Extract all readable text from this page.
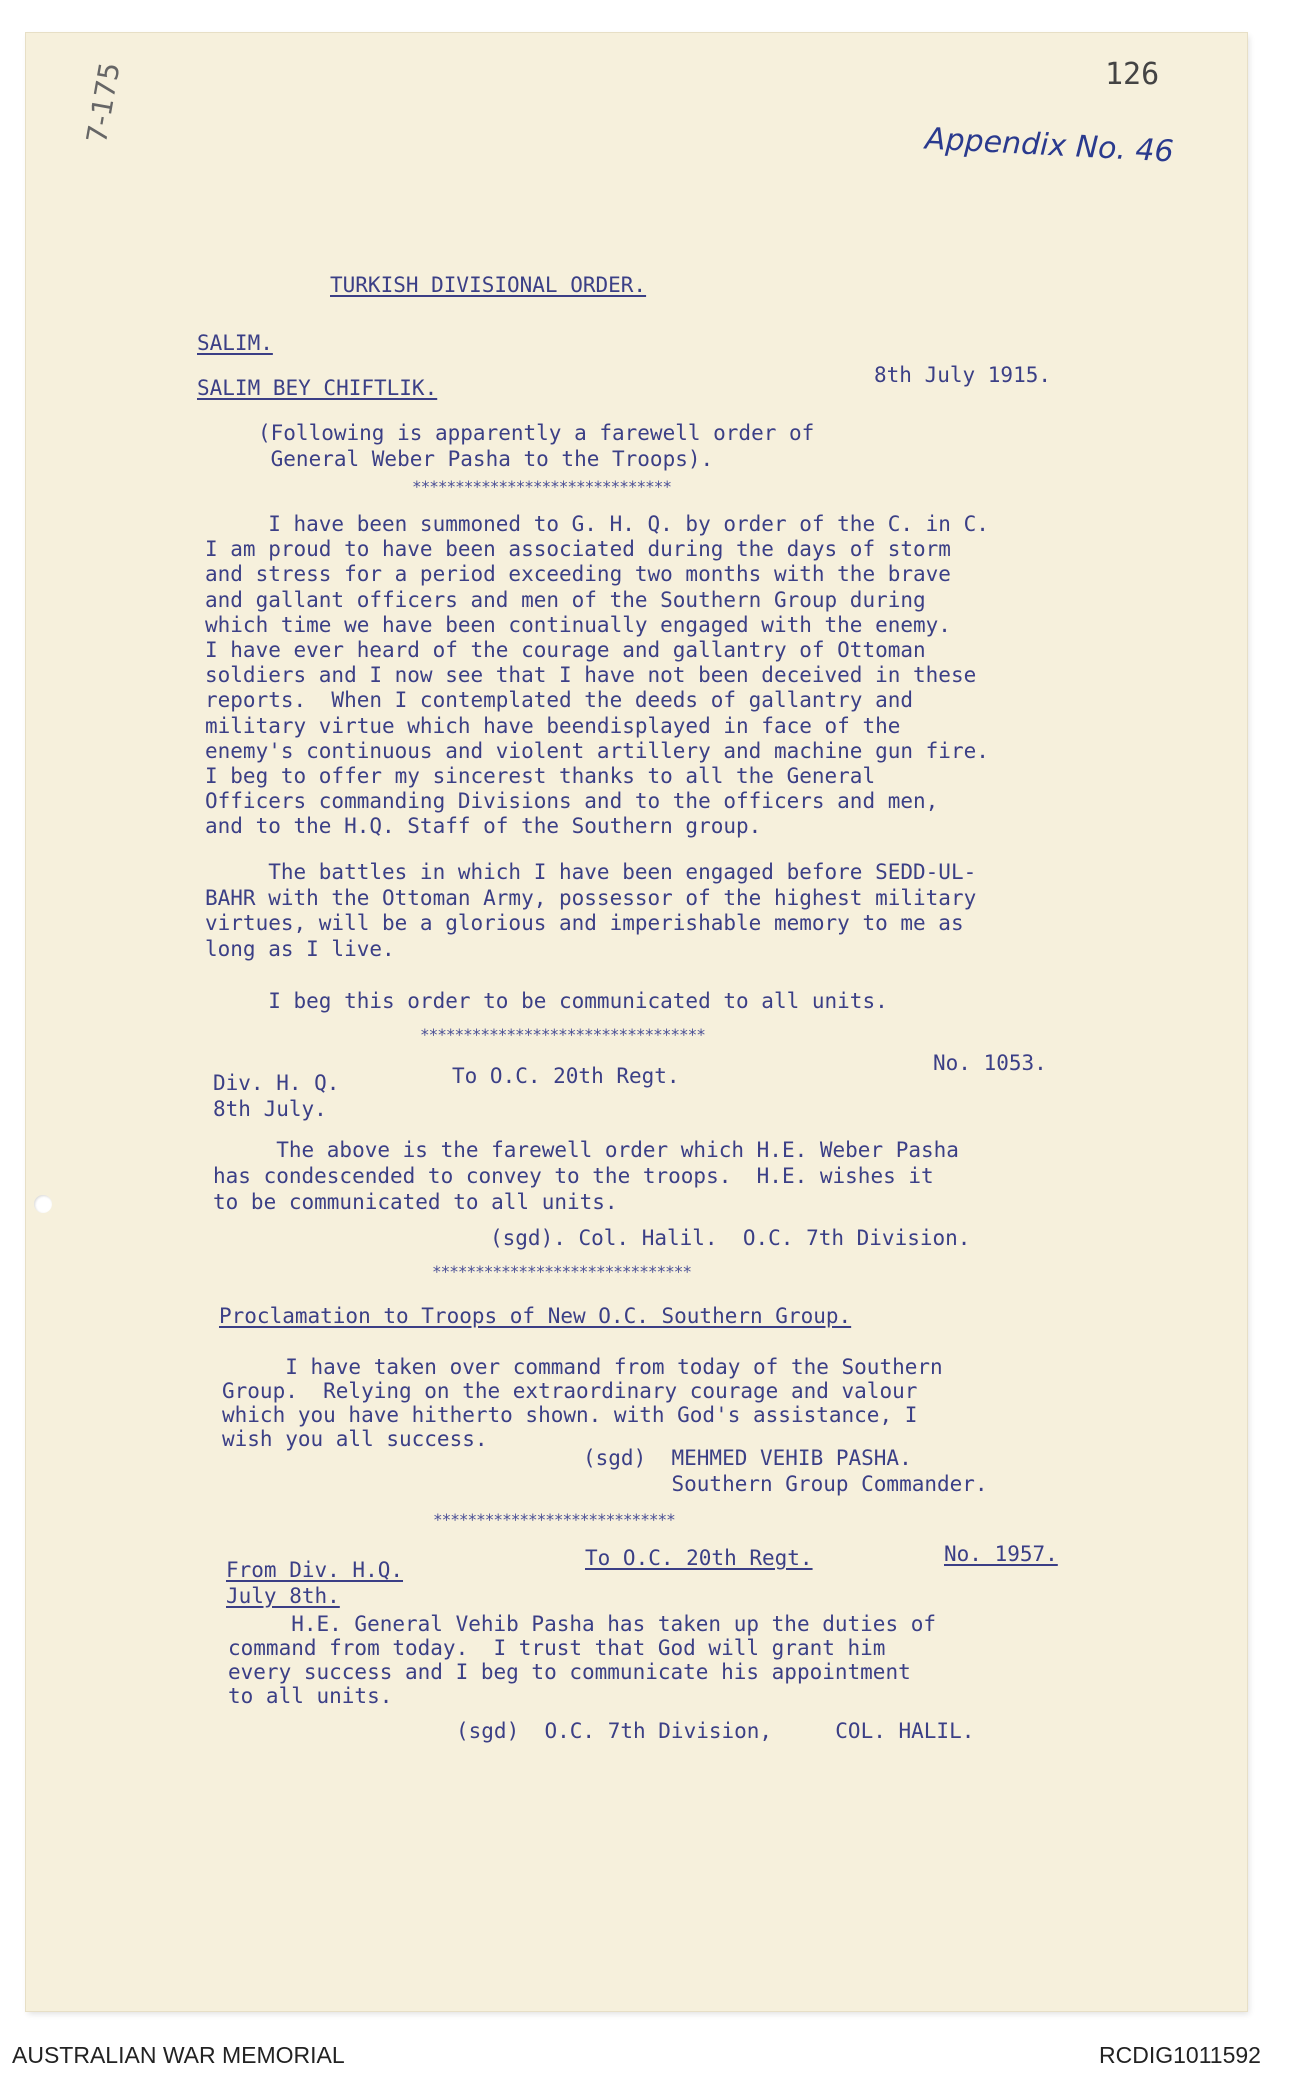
126
Appendix No. 46
7-175
TURKISH DIVISIONAL ORDER.
SALIM.
SALIM BEY CHIFTLIK.
8th July 1915.
(Following is apparently a farewell order of
General Weber Pasha to the Troops).
******************************
I have been summoned to G. H. Q. by order of the C. in C.
I am proud to have been associated during the days of storm
and stress for a period exceeding two months with the brave
and gallant officers and men of the Southern Group during
which time we have been continually engaged with the enemy.
I have ever heard of the courage and gallantry of Ottoman
soldiers and I now see that I have not been deceived in these
reports.  When I contemplated the deeds of gallantry and
military virtue which have beendisplayed in face of the
enemy's continuous and violent artillery and machine gun fire.
I beg to offer my sincerest thanks to all the General
Officers commanding Divisions and to the officers and men,
and to the H.Q. Staff of the Southern group.
The battles in which I have been engaged before SEDD-UL-
BAHR with the Ottoman Army, possessor of the highest military
virtues, will be a glorious and imperishable memory to me as
long as I live.
I beg this order to be communicated to all units.
*********************************
Div. H. Q.
8th July.
To O.C. 20th Regt.
No. 1053.
The above is the farewell order which H.E. Weber Pasha
has condescended to convey to the troops.  H.E. wishes it
to be communicated to all units.
(sgd). Col. Halil.  O.C. 7th Division.
******************************
Proclamation to Troops of New O.C. Southern Group.
I have taken over command from today of the Southern
Group.  Relying on the extraordinary courage and valour
which you have hitherto shown. with God's assistance, I
wish you all success.
(sgd)  MEHMED VEHIB PASHA.
Southern Group Commander.
****************************
From Div. H.Q.
July 8th.
To O.C. 20th Regt.	No. 1957.
H.E. General Vehib Pasha has taken up the duties of
command from today.  I trust that God will grant him
every success and I beg to communicate his appointment
to all units.
(sgd)  O.C. 7th Division,     COL. HALIL.
AUSTRALIAN WAR MEMORIAL	RCDIG1011592
